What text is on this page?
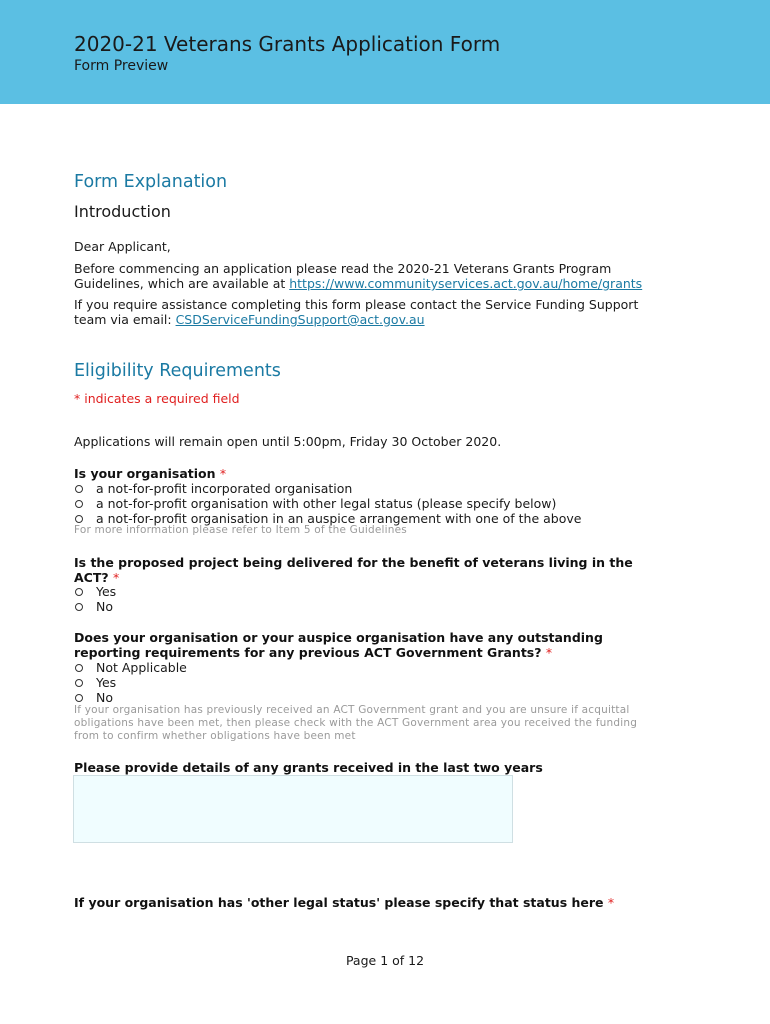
2020-21 Veterans Grants Application Form
Form Preview
Form Explanation
Introduction
Dear Applicant,
Before commencing an application please read the 2020-21 Veterans Grants Program
Guidelines, which are available at https://www.communityservices.act.gov.au/home/grants
If you require assistance completing this form please contact the Service Funding Support
team via email: CSDServiceFundingSupport@act.gov.au
Eligibility Requirements
* indicates a required field
Applications will remain open until 5:00pm, Friday 30 October 2020.
Is your organisation *
a not-for-profit incorporated organisation
a not-for-profit organisation with other legal status (please specify below)
a not-for-profit organisation in an auspice arrangement with one of the above
For more information please refer to Item 5 of the Guidelines
Is the proposed project being delivered for the benefit of veterans living in the
ACT? *
Yes
No
Does your organisation or your auspice organisation have any outstanding
reporting requirements for any previous ACT Government Grants? *
Not Applicable
Yes
No
If your organisation has previously received an ACT Government grant and you are unsure if acquittal
obligations have been met, then please check with the ACT Government area you received the funding
from to confirm whether obligations have been met
Please provide details of any grants received in the last two years
If your organisation has 'other legal status' please specify that status here *
Page 1 of 12
